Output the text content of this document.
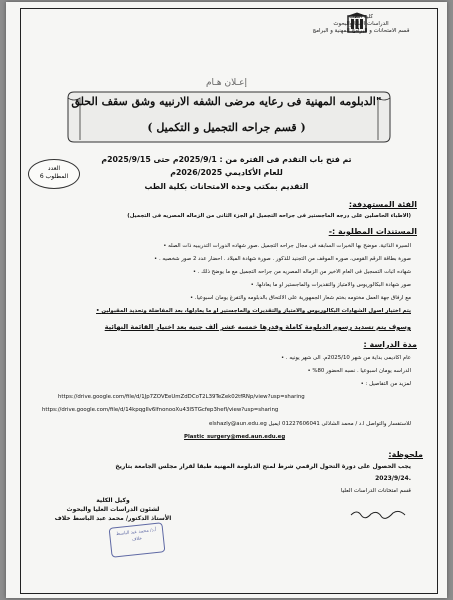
كلية الطب
الدراسات العليا والبحوث
قسم الامتحانات و البرامج المهنية و البرامج
إعـلان هـام
"الدبلومه المهنية فى رعايه مرضى الشفه الارنبيه وشق سقف الحلق
( قسم جراحه التجميل و التكميل )
تم فتح باب التقدم فى الفترة من : 2025/9/1م حتى 2025/9/15م
للعام الأكاديمي 2026/2025م
التقديم بمكتب وحدة الامتحانات بكلية الطب
العدد
المطلوب 6
الفئة المستهدفة:
(الاطباء الحاصلين على درجه الماجستير فى جراحه التجميل أو الجزء الثانى من الزماله المصريه فى التجميل)
المستندات المطلوبة :-
السيرة الذاتية. موضح بها الخبرات السابقه فى مجال جراحه التجميل .صور شهاده الدورات التدريبيه ذات الصله •
صورة بطاقة الرقم القومى، صوره الموقف من التجنيد للذكور . صورة شهادة الميلاد . احضار عدد 2 صور شخصيه . •
شهاده اثبات التسجيل فى العام الاخير من الزماله المصريه من جراحه التجميل مع ما يوضح ذلك . •
صور شهادة البكالوريوس والامتياز والتقديرات والماجستير أو ما يعادلها. •
مع ارفاق جهة العمل مختومه بختم شعار الجمهورية على الالتحاق بالدبلومه والتفرغ يومان اسبوعيا. •
يتم اختيار اصول الشهادات البكالوريوس والامتياز والتقديرات والماجستير أو ما يعادلها، بعد المفاضلة وتحديد المقبولين •
وسوف يتم تسديد رسوم الدبلومة كاملة وقدرها خمسه عشر ألف جنيه بعد اختيار القائمة النهائية
مدة الدراسة :
عام أكاديمى بداية من شهر 2025/10م. الى شهر يونيه . •
الدراسه يومان اسبوعيا . نسبه الحضور 80% •
لمزيد من التفاصيل : •
https://drive.google.com/file/d/1Jp7ZOVEeUmZdDCoT2L39TeZek02tfRNp/view?usp=sharing
https://drive.google.com/file/d/14kpqgIIv6lfnonooXu43I5TGcfep3hefl/view?usp=sharing
للاستفسار والتواصل أ.د / محمد الشاذلى 01227606041 ايميل elshazly@aun.edu.eg
Plastic_surgery@med.aun.edu.eg
ملحوظة:
يجب الحصول على دورة التحول الرقمي شرط لمنح الدبلومة المهنية طبقاً لقرار مجلس الجامعة بتاريخ
2023/9/24.
قسم امتحانات الدراسات العليا
وكيل الكلية
لشئون الدراسات العليا والبحوث
الأستاذ الدكتور/ محمد عبد الباسط خلاف
أ.د/ محمد عبد الباسط خلاف
